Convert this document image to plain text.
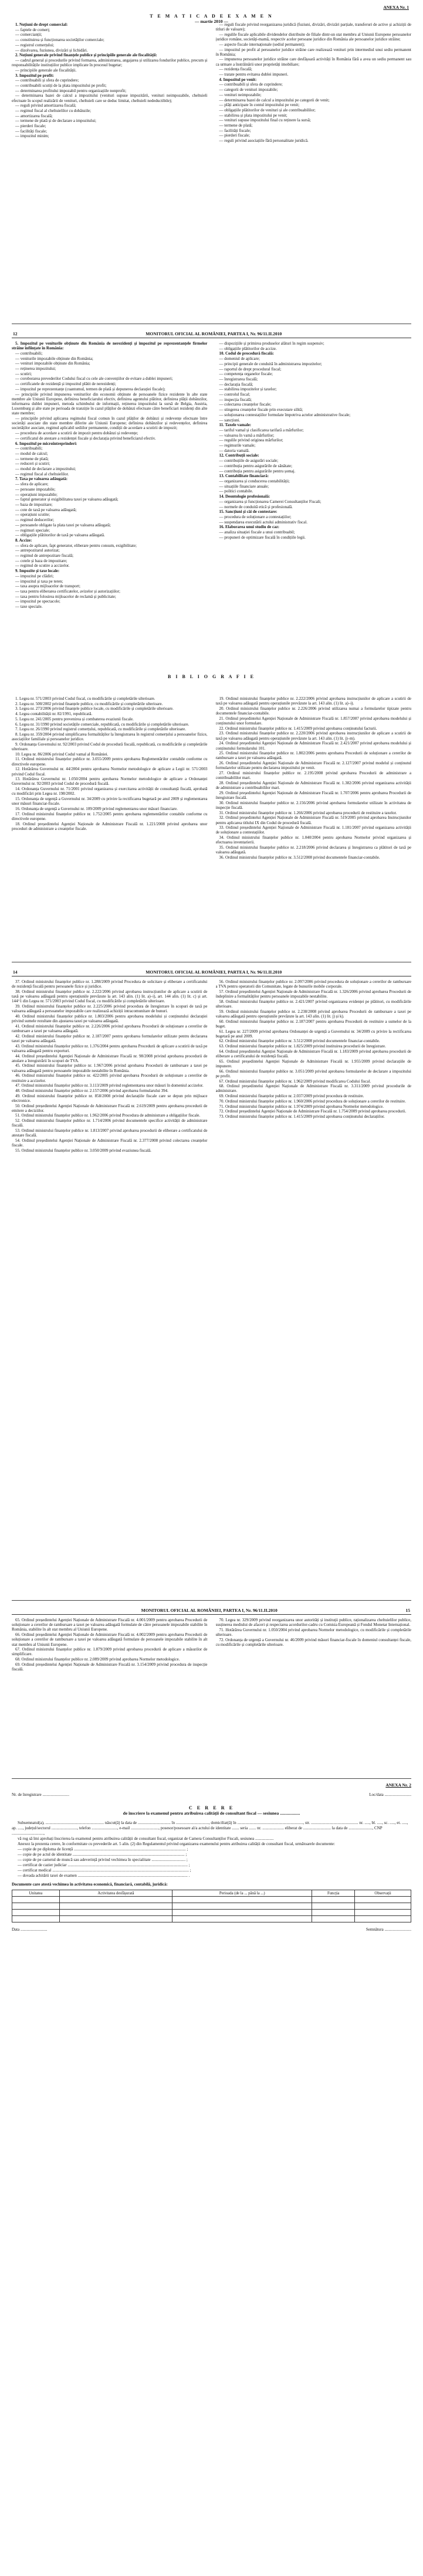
ANEXA Nr. 1
T E M A T I C A D E E X A M E N
— martie 2010 —

1. Noțiuni de drept comercial:

— faptele de comerț;

— comercianții;

— constituirea și funcționarea societăților comerciale;

— registrul comerțului;

— dizolvarea, fuziunea, divizări și lichidări.

2. Noțiuni generale privind finanțele publice și principiile generale ale fiscalității:

— cadrul general și procedurile privind formarea, administrarea, angajarea și utilizarea fondurilor publice, precum și responsabilitățile instituțiilor publice implicate în procesul bugetar;

— principiile generale ale fiscalității.

3. Impozitul pe profit:

— contribuabili și sfera de cuprindere;

— contribuabili scutiți de la plata impozitului pe profit;

— determinarea profitului impozabil pentru organizațiile nonprofit;

— determinarea bazei de calcul a impozitului (venituri supuse impozitării, venituri neimpozabile, cheltuieli efectuate în scopul realizării de venituri, cheltuieli care se deduc limitat, cheltuieli nedeductibile);

— reguli privind amortizarea fiscală;

— regimul fiscal al cheltuielilor cu dobânzile;

— amortizarea fiscală;

— termene de plată și de declarare a impozitului;

— pierderi fiscale;

— facilități fiscale;

— impozitul minim;

— reguli fiscale privind reorganizarea juridică (fuziuni, divizări, divizări parțiale, transferuri de active și achiziții de titluri de valoare);

— regulile fiscale aplicabile dividendelor distribuite de filiale dintr-un stat membru al Uniunii Europene persoanelor juridice române, societăți-mamă, respectiv acelor persoane juridice din România ale persoanelor juridice străine;

— aspecte fiscale internaționale (sediul permanent);

— impozitul pe profit al persoanelor juridice străine care realizează venituri prin intermediul unui sediu permanent în România;

— impunerea persoanelor juridice străine care desfășoară activități în România fără a avea un sediu permanent sau ca urmare a înstrăinării unor proprietăți imobiliare;

— rezidența fiscală;

— tratate pentru evitarea dublei impuneri.

4. Impozitul pe venit:

— contribuabili și sfera de cuprindere;

— categorii de venituri impozabile;

— venituri neimpozabile;

— determinarea bazei de calcul a impozitului pe categorii de venit;

— plăți anticipate în contul impozitului pe venit;

— obligațiile plătitorilor de venituri și ale contribuabililor;

— stabilirea și plata impozitului pe venit;

— venituri supuse impozitului final cu reținere la sursă;

— termene de plată;

— facilități fiscale;

— pierderi fiscale;

— reguli privind asociațiile fără personalitate juridică.

12	MONITORUL OFICIAL AL ROMÂNIEI, PARTEA I, Nr. 96/11.II.2010

5. Impozitul pe veniturile obținute din România de nerezidenți și impozitul pe reprezentanțele firmelor străine înființate în România:

— contribuabili;

— veniturile impozabile obținute din România;

— venituri impozabile obținute din România;

— reținerea impozitului;

— scutiri;

— coroborarea prevederilor Codului fiscal cu cele ale convențiilor de evitare a dublei impuneri;

— certificatele de rezidență și impozitul plătit de nerezidenți;

— impozitul pe reprezentanțe (cuantumul, termen de plată și depunerea declarației fiscale);

— principiile privind impunerea veniturilor din economii obținute de persoanele fizice rezidente în alte state membre ale Uniunii Europene, definirea beneficiarului efectiv, definirea agentului plătitor, definirea plății dobânzilor, informarea dublei impuneri, metoda schimbului de informații, reținerea impozitului la sursă de Belgia, Austria, Luxemburg și alte state pe perioada de tranziție în cazul plăților de dobânzi efectuate către beneficiari rezidenți din alte state membre;

— principiile privind aplicarea regimului fiscal comun în cazul plăților de dobânzi și redevențe efectuate între societăți asociate din state membre diferite ale Uniunii Europene; definirea dobânzilor și redevențelor, definirea societăților asociate, regimul aplicabil sediilor permanente, condiții de acordare a scutirii de impozit;

— procedura de acordare a scutirii de impozit pentru dobânzi și redevențe;

— certificatul de atestare a rezidenței fiscale și declarația privind beneficiarul efectiv.

6. Impozitul pe microîntreprinderi:

— contribuabili;

— modul de calcul;

— termene de plată;

— reduceri și scutiri;

— modul de declarare a impozitului;

— regimul fiscal al cheltuielilor.

7. Taxa pe valoarea adăugată:

— sfera de aplicare;

— persoane impozabile;

— operațiuni impozabile;

— faptul generator și exigibilitatea taxei pe valoarea adăugată;

— baza de impozitare;

— cote de taxă pe valoarea adăugată;

— operațiuni scutite;

— regimul deducerilor;

— persoanele obligate la plata taxei pe valoarea adăugată;

— regimuri speciale;

— obligațiile plătitorilor de taxă pe valoarea adăugată.

8. Accize:

— sfera de aplicare, fapt generator, eliberare pentru consum, exigibilitate;

— antrepozitarul autorizat;

— regimul de antrepozitare fiscală;

— cotele și baza de impozitare;

— regimul de scutire a accizelor.

9. Impozite și taxe locale:

— impozitul pe clădiri;

— impozitul și taxa pe teren;

— taxa asupra mijloacelor de transport;

— taxa pentru eliberarea certificatelor, avizelor și autorizațiilor;

— taxa pentru folosirea mijloacelor de reclamă și publicitate;

— impozitul pe spectacole;

— taxe speciale.

— dispozițiile și primirea produselor alături în regim suspensiv;

— obligațiile plătitorilor de accize.

10. Codul de procedură fiscală:

— domeniul de aplicare;

— principii generale de conduită în administrarea impozitelor;

— raportul de drept procedural fiscal;

— competența organelor fiscale;

— înregistrarea fiscală;

— declarația fiscală;

— stabilirea impozitelor și taxelor;

— controlul fiscal;

— inspecția fiscală;

— colectarea creanțelor fiscale;

— stingerea creanțelor fiscale prin executare silită;

— soluționarea contestațiilor formulate împotriva actelor administrative fiscale;

— sancțiuni.

11. Taxele vamale:

— tariful vamal și clasificarea tarifară a mărfurilor;

— valoarea în vamă a mărfurilor;

— regulile privind originea mărfurilor;

— regimurile vamale;

— datoria vamală.

12. Contribuții sociale:

— contribuțiile de asigurări sociale;

— contribuția pentru asigurările de sănătate;

— contribuția pentru asigurările pentru șomaj.

13. Contabilitate financiară:

— organizarea și conducerea contabilității;

— situațiile financiare anuale;

— politici contabile.

14. Deontologie profesională:

— organizarea și funcționarea Camerei Consultanților Fiscali;

— normele de conduită etică și profesională.

15. Sancțiuni și căi de contestare:

— procedura de soluționare a contestațiilor;

— suspendarea executării actului administrativ fiscal.

16. Elaborarea unui studiu de caz:

— analiza situației fiscale a unui contribuabil;

— propuneri de optimizare fiscală în condițiile legii.

B I B L I O G R A F I E

1. Legea nr. 571/2003 privind Codul fiscal, cu modificările și completările ulterioare.

2. Legea nr. 500/2002 privind finanțele publice, cu modificările și completările ulterioare.

3. Legea nr. 273/2006 privind finanțele publice locale, cu modificările și completările ulterioare.

4. Legea contabilității nr. 82/1991, republicată.

5. Legea nr. 241/2005 pentru prevenirea și combaterea evaziunii fiscale.

6. Legea nr. 31/1990 privind societățile comerciale, republicată, cu modificările și completările ulterioare.

7. Legea nr. 26/1990 privind registrul comerțului, republicată, cu modificările și completările ulterioare.

8. Legea nr. 359/2004 privind simplificarea formalităților la înregistrarea în registrul comerțului a persoanelor fizice, asociațiilor familiale și persoanelor juridice.

9. Ordonanța Guvernului nr. 92/2003 privind Codul de procedură fiscală, republicată, cu modificările și completările ulterioare.

10. Legea nr. 86/2006 privind Codul vamal al României.

11. Ordinul ministrului finanțelor publice nr. 3.055/2009 pentru aprobarea Reglementărilor contabile conforme cu directivele europene.

12. Hotărârea Guvernului nr. 44/2004 pentru aprobarea Normelor metodologice de aplicare a Legii nr. 571/2003 privind Codul fiscal.

13. Hotărârea Guvernului nr. 1.050/2004 pentru aprobarea Normelor metodologice de aplicare a Ordonanței Guvernului nr. 92/2003 privind Codul de procedură fiscală.

14. Ordonanța Guvernului nr. 71/2001 privind organizarea și exercitarea activității de consultanță fiscală, aprobată cu modificări prin Legea nr. 198/2002.

15. Ordonanța de urgență a Guvernului nr. 34/2009 cu privire la rectificarea bugetară pe anul 2009 și reglementarea unor măsuri financiar-fiscale.

16. Ordonanța de urgență a Guvernului nr. 109/2009 privind reglementarea unor măsuri financiare.

17. Ordinul ministrului finanțelor publice nr. 1.752/2005 pentru aprobarea reglementărilor contabile conforme cu directivele europene.

18. Ordinul președintelui Agenției Naționale de Administrare Fiscală nr. 1.221/2008 privind aprobarea unor proceduri de administrare a creanțelor fiscale.

19. Ordinul ministrului finanțelor publice nr. 2.222/2006 privind aprobarea instrucțiunilor de aplicare a scutirii de taxă pe valoarea adăugată pentru operațiunile prevăzute la art. 143 alin. (1) lit. a)–i).

20. Ordinul ministrului finanțelor publice nr. 2.226/2006 privind utilizarea numai a formularelor tipizate pentru documentele financiar-contabile.

21. Ordinul președintelui Agenției Naționale de Administrare Fiscală nr. 1.857/2007 privind aprobarea modelului și conținutului unor formulare.

22. Ordinul ministrului finanțelor publice nr. 1.415/2009 privind aprobarea conținutului facturii.

23. Ordinul ministrului finanțelor publice nr. 2.220/2006 privind aprobarea instrucțiunilor de aplicare a scutirii de taxă pe valoarea adăugată pentru operațiunile prevăzute la art. 143 alin. (1) lit. j)–m).

24. Ordinul președintelui Agenției Naționale de Administrare Fiscală nr. 2.421/2007 privind aprobarea modelului și conținutului formularului 101.

25. Ordinul ministrului finanțelor publice nr. 1.802/2006 pentru aprobarea Procedurii de soluționare a cererilor de rambursare a taxei pe valoarea adăugată.

26. Ordinul președintelui Agenției Naționale de Administrare Fiscală nr. 2.127/2007 privind modelul și conținutul formularelor utilizate pentru declararea impozitului pe venit.

27. Ordinul ministrului finanțelor publice nr. 2.195/2008 privind aprobarea Procedurii de administrare a contribuabililor mari.

28. Ordinul președintelui Agenției Naționale de Administrare Fiscală nr. 1.382/2006 privind organizarea activității de administrare a contribuabililor mari.

29. Ordinul președintelui Agenției Naționale de Administrare Fiscală nr. 1.707/2006 pentru aprobarea Procedurii de înregistrare fiscală.

30. Ordinul ministrului finanțelor publice nr. 2.156/2006 privind aprobarea formularelor utilizate în activitatea de inspecție fiscală.

31. Ordinul ministrului finanțelor publice nr. 1.266/2006 privind aprobarea procedurii de restituire a taxelor.

32. Ordinul președintelui Agenției Naționale de Administrare Fiscală nr. 519/2005 privind aprobarea Instrucțiunilor pentru aplicarea titlului IX din Codul de procedură fiscală.

33. Ordinul președintelui Agenției Naționale de Administrare Fiscală nr. 1.181/2007 privind organizarea activității de soluționare a contestațiilor.

34. Ordinul ministrului finanțelor publice nr. 1.040/2004 pentru aprobarea Normelor privind organizarea și efectuarea inventarierii.

35. Ordinul ministrului finanțelor publice nr. 2.218/2006 privind declararea și înregistrarea ca plătitori de taxă pe valoarea adăugată.

36. Ordinul ministrului finanțelor publice nr. 3.512/2008 privind documentele financiar-contabile.

14	MONITORUL OFICIAL AL ROMÂNIEI, PARTEA I, Nr. 96/11.II.2010

37. Ordinul ministrului finanțelor publice nr. 1.288/2009 privind Procedura de solicitare și eliberare a certificatului de rezidență fiscală pentru persoanele fizice și juridice.

38. Ordinul ministrului finanțelor publice nr. 2.222/2006 privind aprobarea instrucțiunilor de aplicare a scutirii de taxă pe valoarea adăugată pentru operațiunile prevăzute la art. 143 alin. (1) lit. a)–i), art. 144 alin. (1) lit. c) și art. 144^1 din Legea nr. 571/2003 privind Codul fiscal, cu modificările și completările ulterioare.

39. Ordinul ministrului finanțelor publice nr. 2.225/2006 privind procedura de înregistrare în scopuri de taxă pe valoarea adăugată a persoanelor impozabile care realizează achiziții intracomunitare de bunuri.

40. Ordinul ministrului finanțelor publice nr. 1.803/2006 pentru aprobarea modelului și conținutului declarației privind sumele rezultate din ajustarea taxei pe valoarea adăugată.

41. Ordinul ministrului finanțelor publice nr. 2.226/2006 privind aprobarea Procedurii de soluționare a cererilor de rambursare a taxei pe valoarea adăugată.

42. Ordinul ministrului finanțelor publice nr. 2.187/2007 pentru aprobarea formularelor utilizate pentru declararea taxei pe valoarea adăugată.

43. Ordinul ministrului finanțelor publice nr. 1.376/2004 pentru aprobarea Procedurii de aplicare a scutirii de taxă pe valoarea adăugată pentru exporturi.

44. Ordinul președintelui Agenției Naționale de Administrare Fiscală nr. 98/2008 privind aprobarea procedurii de anulare a înregistrării în scopuri de TVA.

45. Ordinul ministrului finanțelor publice nr. 1.967/2006 privind aprobarea Procedurii de rambursare a taxei pe valoarea adăugată pentru persoanele impozabile nestabilite în România.

46. Ordinul ministrului finanțelor publice nr. 422/2005 privind aprobarea Procedurii de soluționare a cererilor de restituire a accizelor.

47. Ordinul ministrului finanțelor publice nr. 3.113/2009 privind reglementarea unor măsuri în domeniul accizelor.

48. Ordinul ministrului finanțelor publice nr. 2.157/2006 privind aprobarea formularului 394.

49. Ordinul ministrului finanțelor publice nr. 858/2008 privind declarațiile fiscale care se depun prin mijloace electronice.

50. Ordinul președintelui Agenției Naționale de Administrare Fiscală nr. 2.619/2009 pentru aprobarea procedurii de emitere a deciziilor.

51. Ordinul ministrului finanțelor publice nr. 1.962/2006 privind Procedura de administrare a obligațiilor fiscale.

52. Ordinul ministrului finanțelor publice nr. 1.714/2006 privind documentele specifice activității de administrare fiscală.

53. Ordinul ministrului finanțelor publice nr. 1.813/2007 privind aprobarea procedurii de eliberare a certificatului de atestare fiscală.

54. Ordinul președintelui Agenției Naționale de Administrare Fiscală nr. 2.377/2008 privind colectarea creanțelor fiscale.

55. Ordinul ministrului finanțelor publice nr. 3.050/2009 privind evaziunea fiscală.

56. Ordinul ministrului finanțelor publice nr. 2.097/2006 privind procedura de soluționare a cererilor de rambursare a TVA pentru operatorii din Comunitate, legate de bunurile mobile corporale.

57. Ordinul președintelui Agenției Naționale de Administrare Fiscală nr. 1.326/2006 privind aprobarea Procedurii de îndeplinire a formalităților pentru persoanele impozabile nestabilite.

58. Ordinul ministrului finanțelor publice nr. 2.421/2007 privind organizarea evidenței pe plătitori, cu modificările ulterioare.

59. Ordinul ministrului finanțelor publice nr. 2.238/2008 privind aprobarea Procedurii de rambursare a taxei pe valoarea adăugată pentru operațiunile prevăzute la art. 143 alin. (1) lit. j) și k).

60. Ordinul ministrului finanțelor publice nr. 2.187/2007 pentru aprobarea Procedurii de restituire a sumelor de la buget.

61. Legea nr. 227/2009 privind aprobarea Ordonanței de urgență a Guvernului nr. 34/2009 cu privire la rectificarea bugetară pe anul 2009.

62. Ordinul ministrului finanțelor publice nr. 3.512/2008 privind documentele financiar-contabile.

63. Ordinul ministrului finanțelor publice nr. 1.825/2009 privind instituirea procedurii de înregistrare.

64. Ordinul președintelui Agenției Naționale de Administrare Fiscală nr. 1.183/2009 privind aprobarea procedurii de eliberare a certificatului de rezidență fiscală.

65. Ordinul președintelui Agenției Naționale de Administrare Fiscală nr. 1.955/2009 privind declarațiile de impunere.

66. Ordinul ministrului finanțelor publice nr. 3.051/2009 privind aprobarea formularelor de declarare a impozitului pe profit.

67. Ordinul ministrului finanțelor publice nr. 1.962/2009 privind modificarea Codului fiscal.

68. Ordinul președintelui Agenției Naționale de Administrare Fiscală nr. 3.311/2009 privind procedurile de administrare.

69. Ordinul ministrului finanțelor publice nr. 2.037/2009 privind procedura de restituire.

70. Ordinul ministrului finanțelor publice nr. 1.960/2006 privind procedura de soluționare a cererilor de restituire.

71. Ordinul ministrului finanțelor publice nr. 1.974/2009 privind aprobarea Normelor metodologice.

72. Ordinul președintelui Agenției Naționale de Administrare Fiscală nr. 1.754/2009 privind aprobarea procedurii.

73. Ordinul ministrului finanțelor publice nr. 1.415/2009 privind aprobarea conținutului declarațiilor.

MONITORUL OFICIAL AL ROMÂNIEI, PARTEA I, Nr. 96/11.II.2010	15

65. Ordinul președintelui Agenției Naționale de Administrare Fiscală nr. 4.001/2009 pentru aprobarea Procedurii de soluționare a cererilor de rambursare a taxei pe valoarea adăugată formulate de către persoanele impozabile stabilite în România, stabilite în alt stat membru al Uniunii Europene.

66. Ordinul președintelui Agenției Naționale de Administrare Fiscală nr. 4.002/2009 pentru aprobarea Procedurii de soluționare a cererilor de rambursare a taxei pe valoarea adăugată formulate de persoanele impozabile stabilite în alt stat membru al Uniunii Europene.

67. Ordinul ministrului finanțelor publice nr. 1.879/2009 privind aprobarea procedurii de aplicare a măsurilor de simplificare.

68. Ordinul ministrului finanțelor publice nr. 2.089/2009 privind aprobarea Normelor metodologice.

69. Ordinul președintelui Agenției Naționale de Administrare Fiscală nr. 3.154/2009 privind procedura de inspecție fiscală.

70. Legea nr. 329/2009 privind reorganizarea unor autorități și instituții publice, raționalizarea cheltuielilor publice, susținerea mediului de afaceri și respectarea acordurilor-cadru cu Comisia Europeană și Fondul Monetar Internațional.

71. Hotărârea Guvernului nr. 1.050/2004 privind aprobarea Normelor metodologice, cu modificările și completările ulterioare.

72. Ordonanța de urgență a Guvernului nr. 46/2009 privind măsuri financiar-fiscale în domeniul consultanței fiscale, cu modificările și completările ulterioare.

ANEXA Nr. 2
Nr. de înregistrare ..........................	Loc/data ..........................
C E R E R E
de înscriere la examenul pentru atribuirea calității de consultant fiscal — sesiunea ..................
Subsemnatul(a), ......................................................... născut(ă) la data de ................................ în ................................, domiciliat(ă) în ................................................................, str. .............................................. nr. ....., bl. ....., sc. ....., et. ....., ap. ....., județul/sectorul ........................., telefon ........................., e-mail ..........................., posesor/posesoare al/a actului de identitate ....... seria ....... nr. ..................... eliberat de ........................... la data de ......................., CNP ...............................,
vă rog să îmi aprobați înscrierea la examenul pentru atribuirea calității de consultant fiscal, organizat de Camera Consultanților Fiscali, sesiunea ..................
Anexez la prezenta cerere, în conformitate cu prevederile art. 5 alin. (2) din Regulamentul privind organizarea examenului pentru atribuirea calității de consultant fiscal, următoarele documente:
— copie de pe diploma de licență ............................................................................................................. ;
— copie de pe actul de identitate ............................................................................................................. ;
— copie de pe carnetul de muncă sau adeverință privind vechimea în specialitate ................................. ;
— certificat de cazier judiciar ..................................................................................................................... ;
— certificat medical ..................................................................................................................................... ;
— dovada achitării taxei de examen ........................................................................................................... .
Documente care atestă vechimea în activitatea economică, financiară, contabilă, juridică:
Unitatea	Activitatea desfășurată	Perioada (de la ... până la ...)	Funcția	Observații

Data ..........................	Semnătura ..........................
